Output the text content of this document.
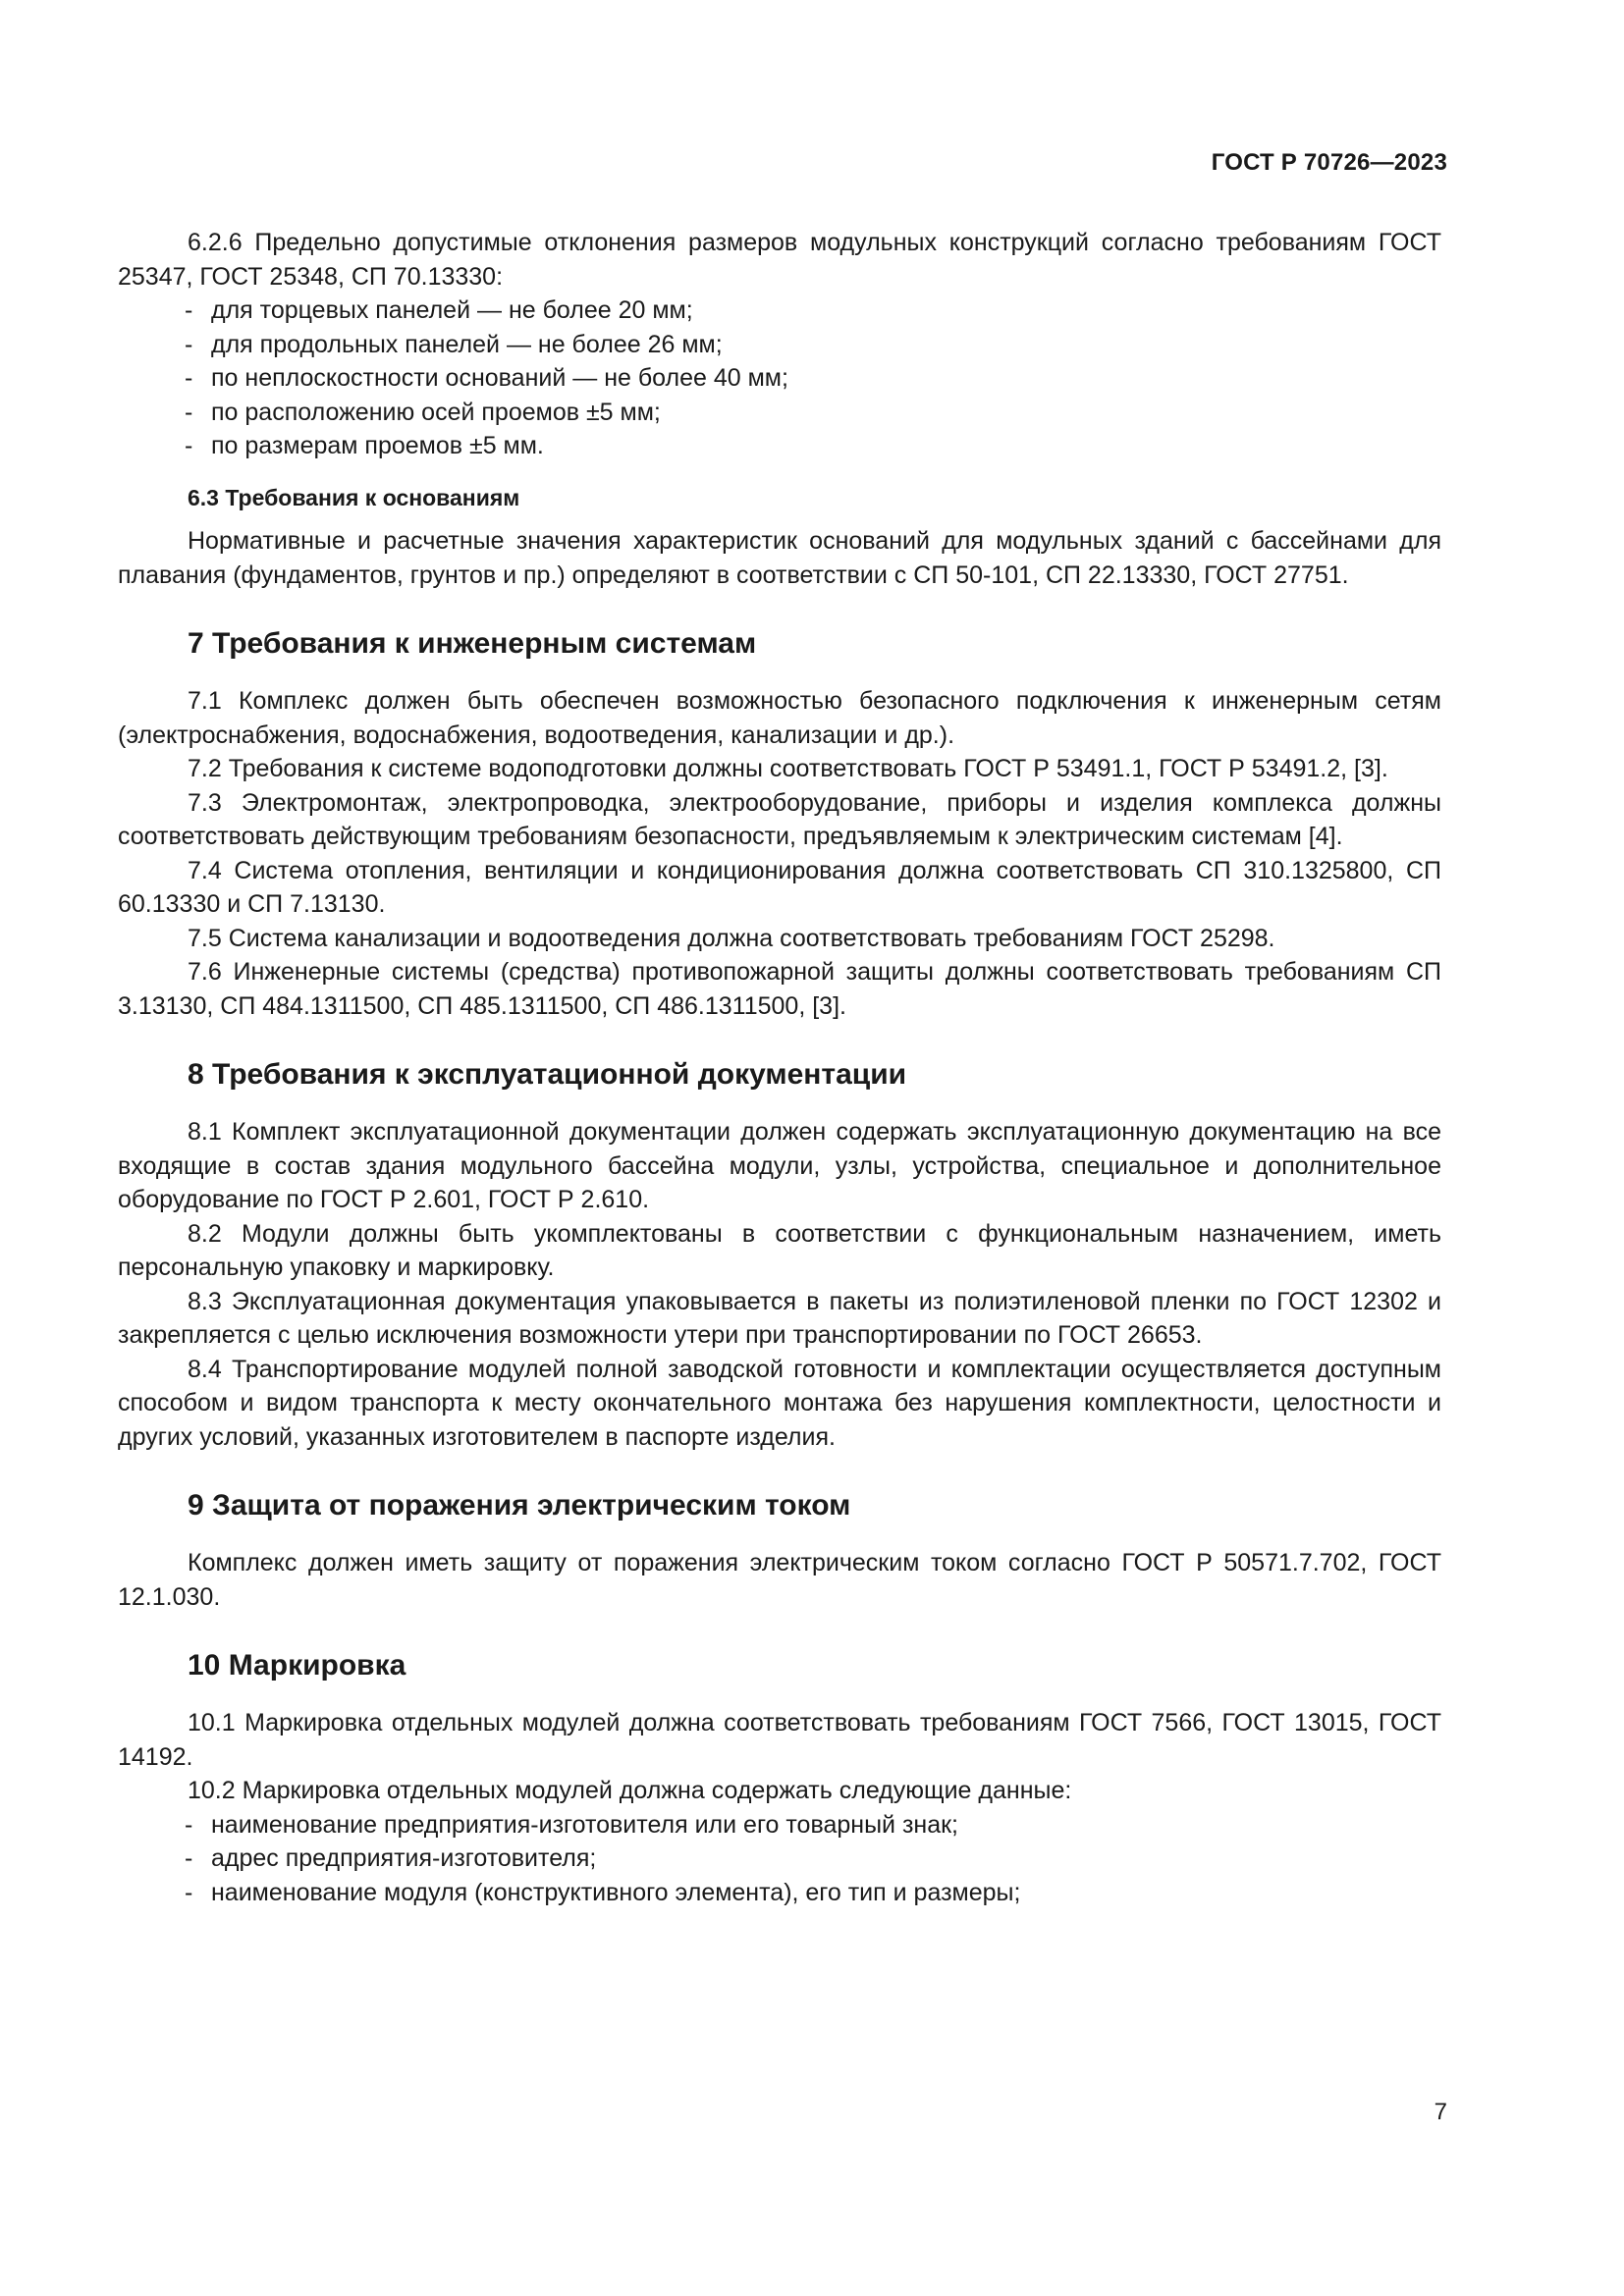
ГОСТ Р 70726—2023

6.2.6 Предельно допустимые отклонения размеров модульных конструкций согласно требованиям ГОСТ 25347, ГОСТ 25348, СП 70.13330:

- для торцевых панелей — не более 20 мм;
- для продольных панелей — не более 26 мм;
- по неплоскостности оснований — не более 40 мм;
- по расположению осей проемов ±5 мм;
- по размерам проемов ±5 мм.
6.3 Требования к основаниям

Нормативные и расчетные значения характеристик оснований для модульных зданий с бассейнами для плавания (фундаментов, грунтов и пр.) определяют в соответствии с СП 50-101, СП 22.13330, ГОСТ 27751.

7 Требования к инженерным системам

7.1 Комплекс должен быть обеспечен возможностью безопасного подключения к инженерным сетям (электроснабжения, водоснабжения, водоотведения, канализации и др.).

7.2 Требования к системе водоподготовки должны соответствовать ГОСТ Р 53491.1, ГОСТ Р 53491.2, [3].

7.3 Электромонтаж, электропроводка, электрооборудование, приборы и изделия комплекса должны соответствовать действующим требованиям безопасности, предъявляемым к электрическим системам [4].

7.4 Система отопления, вентиляции и кондиционирования должна соответствовать СП 310.1325800, СП 60.13330 и СП 7.13130.

7.5 Система канализации и водоотведения должна соответствовать требованиям ГОСТ 25298.

7.6 Инженерные системы (средства) противопожарной защиты должны соответствовать требованиям СП 3.13130, СП 484.1311500, СП 485.1311500, СП 486.1311500, [3].

8 Требования к эксплуатационной документации

8.1 Комплект эксплуатационной документации должен содержать эксплуатационную документацию на все входящие в состав здания модульного бассейна модули, узлы, устройства, специальное и дополнительное оборудование по ГОСТ Р 2.601, ГОСТ Р 2.610.

8.2 Модули должны быть укомплектованы в соответствии с функциональным назначением, иметь персональную упаковку и маркировку.

8.3 Эксплуатационная документация упаковывается в пакеты из полиэтиленовой пленки по ГОСТ 12302 и закрепляется с целью исключения возможности утери при транспортировании по ГОСТ 26653.

8.4 Транспортирование модулей полной заводской готовности и комплектации осуществляется доступным способом и видом транспорта к месту окончательного монтажа без нарушения комплектности, целостности и других условий, указанных изготовителем в паспорте изделия.

9 Защита от поражения электрическим током

Комплекс должен иметь защиту от поражения электрическим током согласно ГОСТ Р 50571.7.702, ГОСТ 12.1.030.

10 Маркировка

10.1 Маркировка отдельных модулей должна соответствовать требованиям ГОСТ 7566, ГОСТ 13015, ГОСТ 14192.

10.2 Маркировка отдельных модулей должна содержать следующие данные:

- наименование предприятия-изготовителя или его товарный знак;
- адрес предприятия-изготовителя;
- наименование модуля (конструктивного элемента), его тип и размеры;
7
